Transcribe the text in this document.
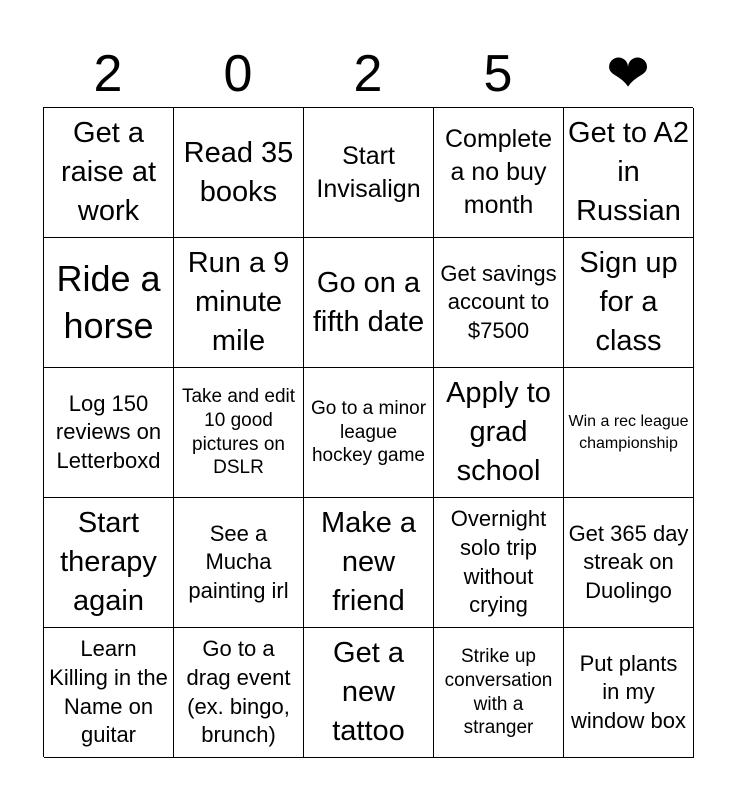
2	0	2	5	❤
Get a raise at work
Read 35 books
Start Invisalign
Complete a no buy month
Get to A2 in Russian
Ride a horse
Run a 9 minute mile
Go on a fifth date
Get savings account to $7500
Sign up for a class
Log 150 reviews on Letterboxd
Take and edit 10 good pictures on DSLR
Go to a minor league hockey game
Apply to grad school
Win a rec league championship
Start therapy again
See a Mucha painting irl
Make a new friend
Overnight solo trip without crying
Get 365 day streak on Duolingo
Learn Killing in the Name on guitar
Go to a drag event (ex. bingo, brunch)
Get a new tattoo
Strike up conversation with a stranger
Put plants in my window box
